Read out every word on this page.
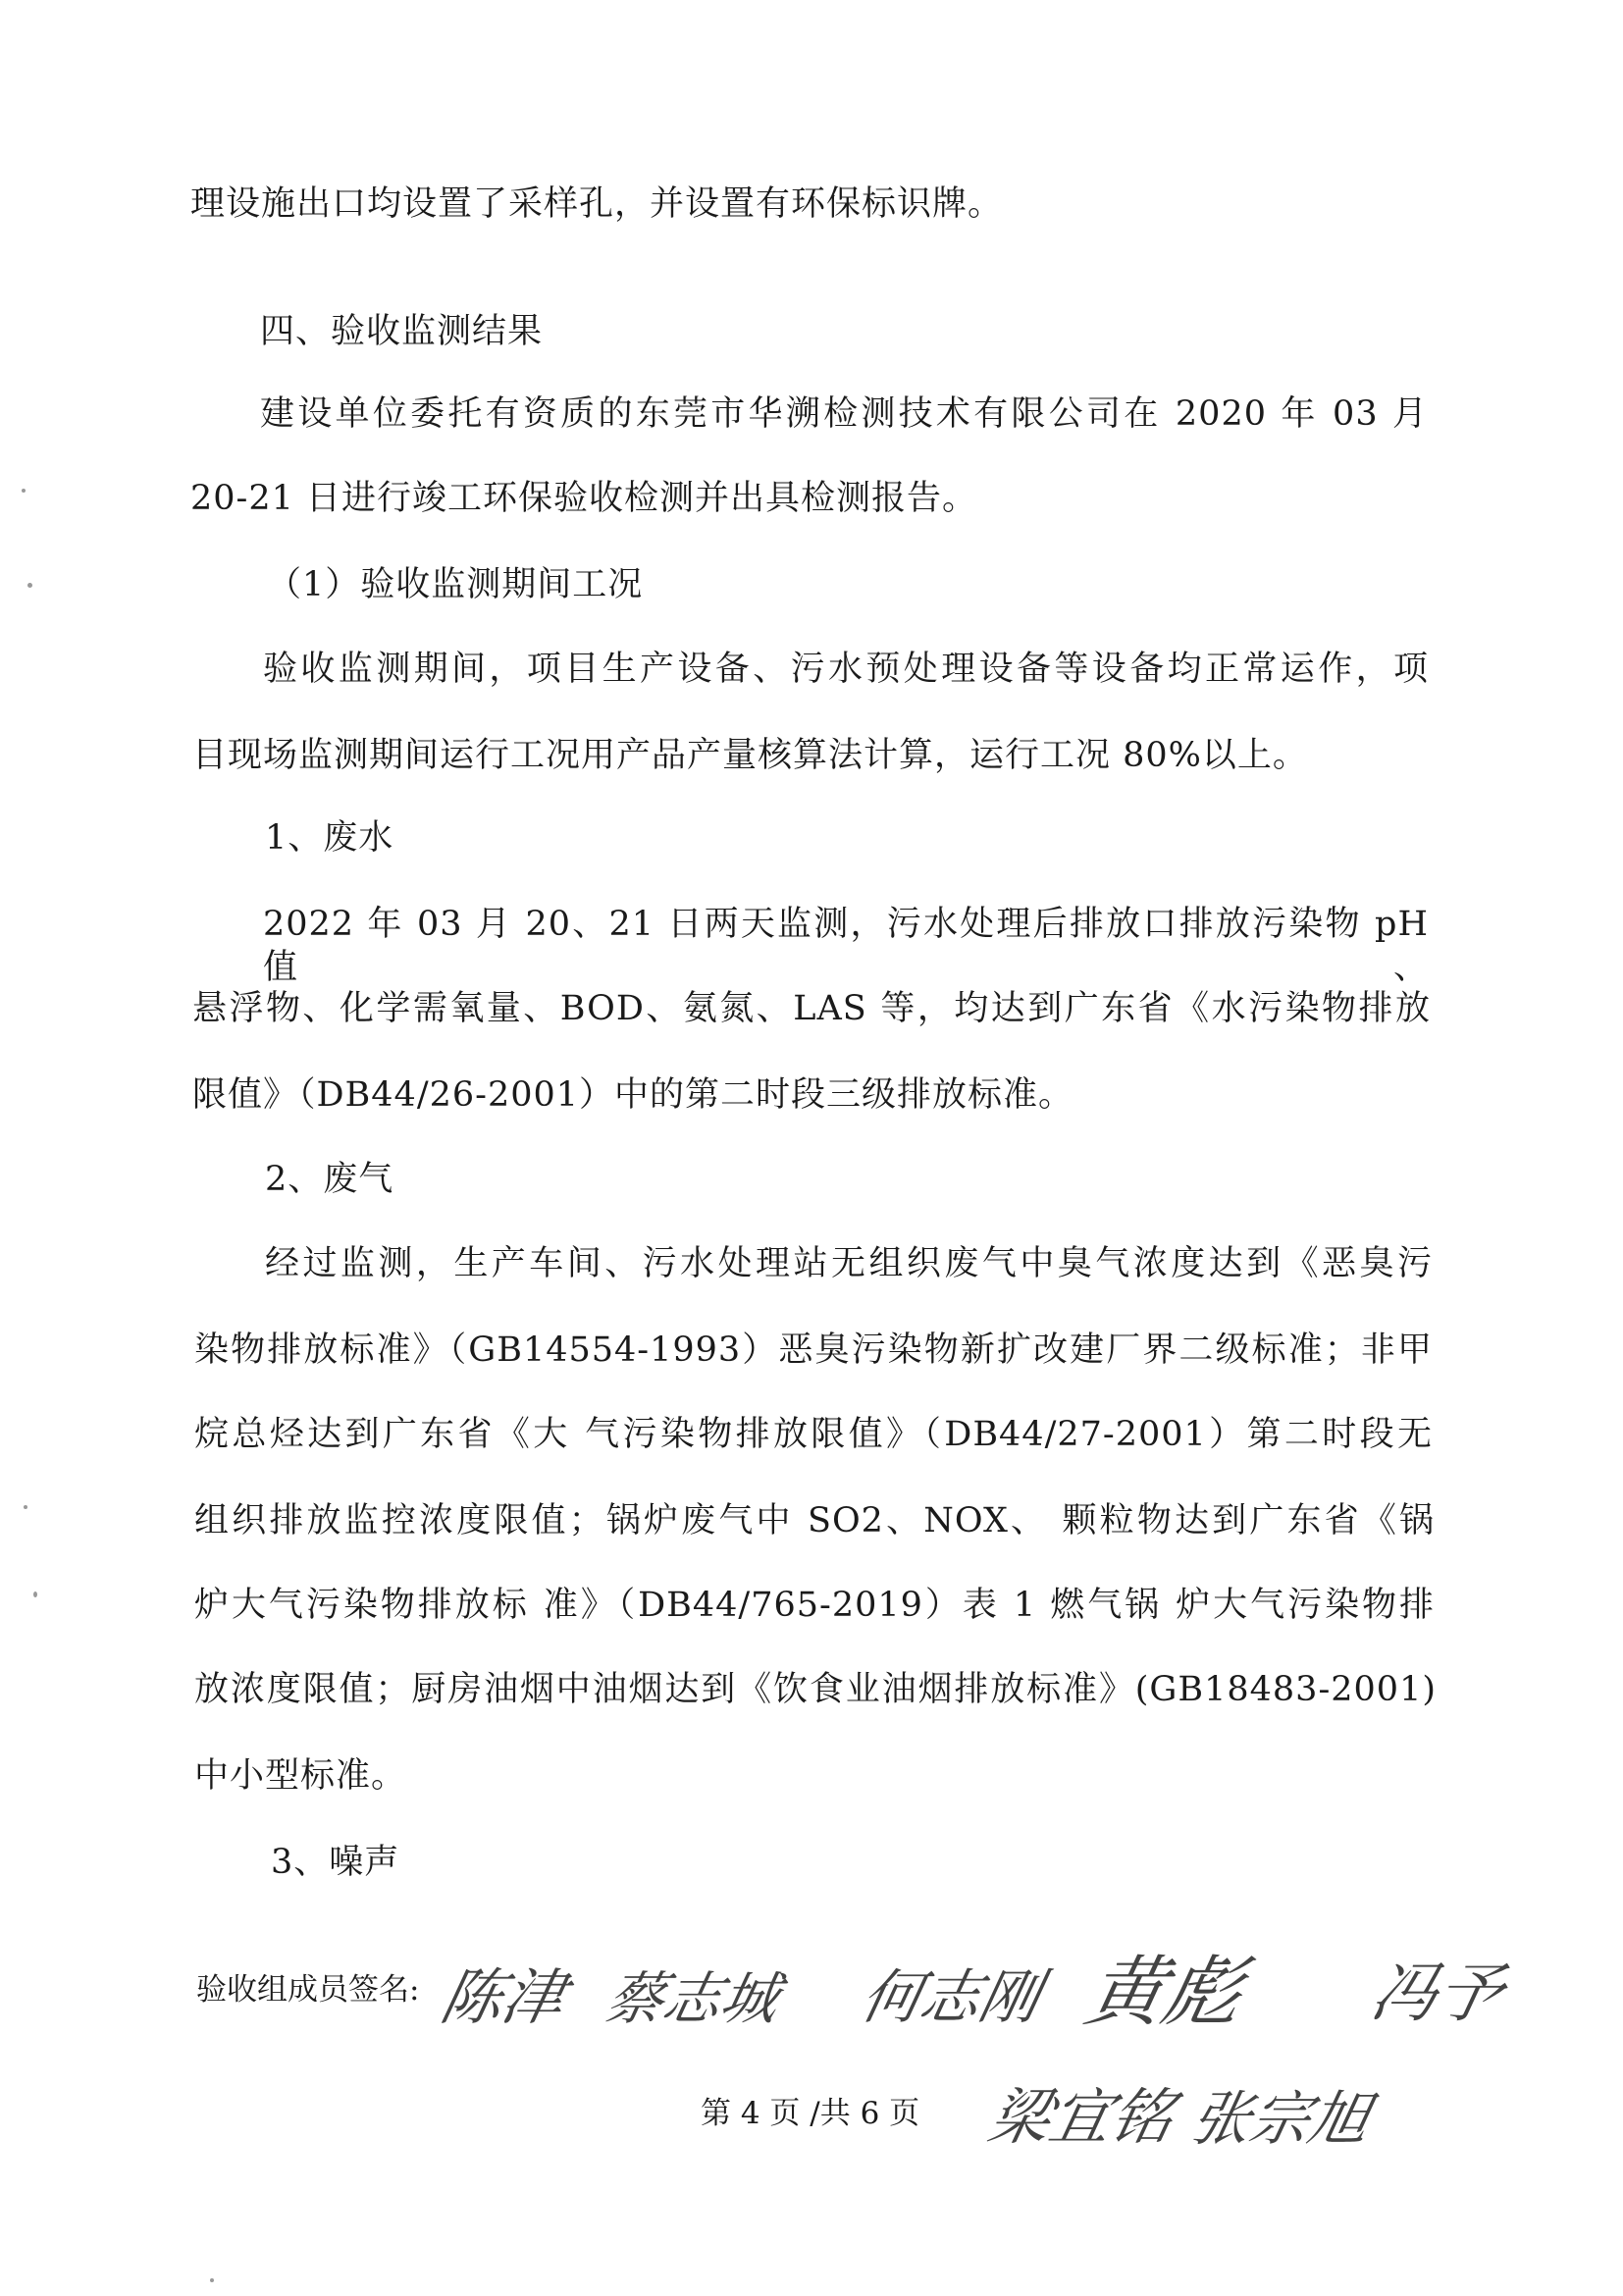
理设施出口均设置了采样孔，并设置有环保标识牌。
四、验收监测结果
建设单位委托有资质的东莞市华溯检测技术有限公司在 2020 年 03 月
20-21 日进行竣工环保验收检测并出具检测报告。
（1）验收监测期间工况
验收监测期间，项目生产设备、污水预处理设备等设备均正常运作，项
目现场监测期间运行工况用产品产量核算法计算，运行工况 80%以上。
1、废水
2022 年 03 月 20、21 日两天监测，污水处理后排放口排放污染物 pH 值、
悬浮物、化学需氧量、BOD、氨氮、LAS 等，均达到广东省《水污染物排放
限值》（DB44/26-2001）中的第二时段三级排放标准。
2、废气
经过监测，生产车间、污水处理站无组织废气中臭气浓度达到《恶臭污
染物排放标准》（GB14554-1993）恶臭污染物新扩改建厂界二级标准；非甲
烷总烃达到广东省《大 气污染物排放限值》（DB44/27-2001）第二时段无
组织排放监控浓度限值；锅炉废气中 SO2、NOX、 颗粒物达到广东省《锅
炉大气污染物排放标 准》（DB44/765-2019）表 1 燃气锅 炉大气污染物排
放浓度限值；厨房油烟中油烟达到《饮食业油烟排放标准》(GB18483-2001)
中小型标准。
3、噪声
验收组成员签名: 陈津 蔡志城 何志刚 黄彪 冯予
梁宜铭 张宗旭
第 4 页 /共 6 页
